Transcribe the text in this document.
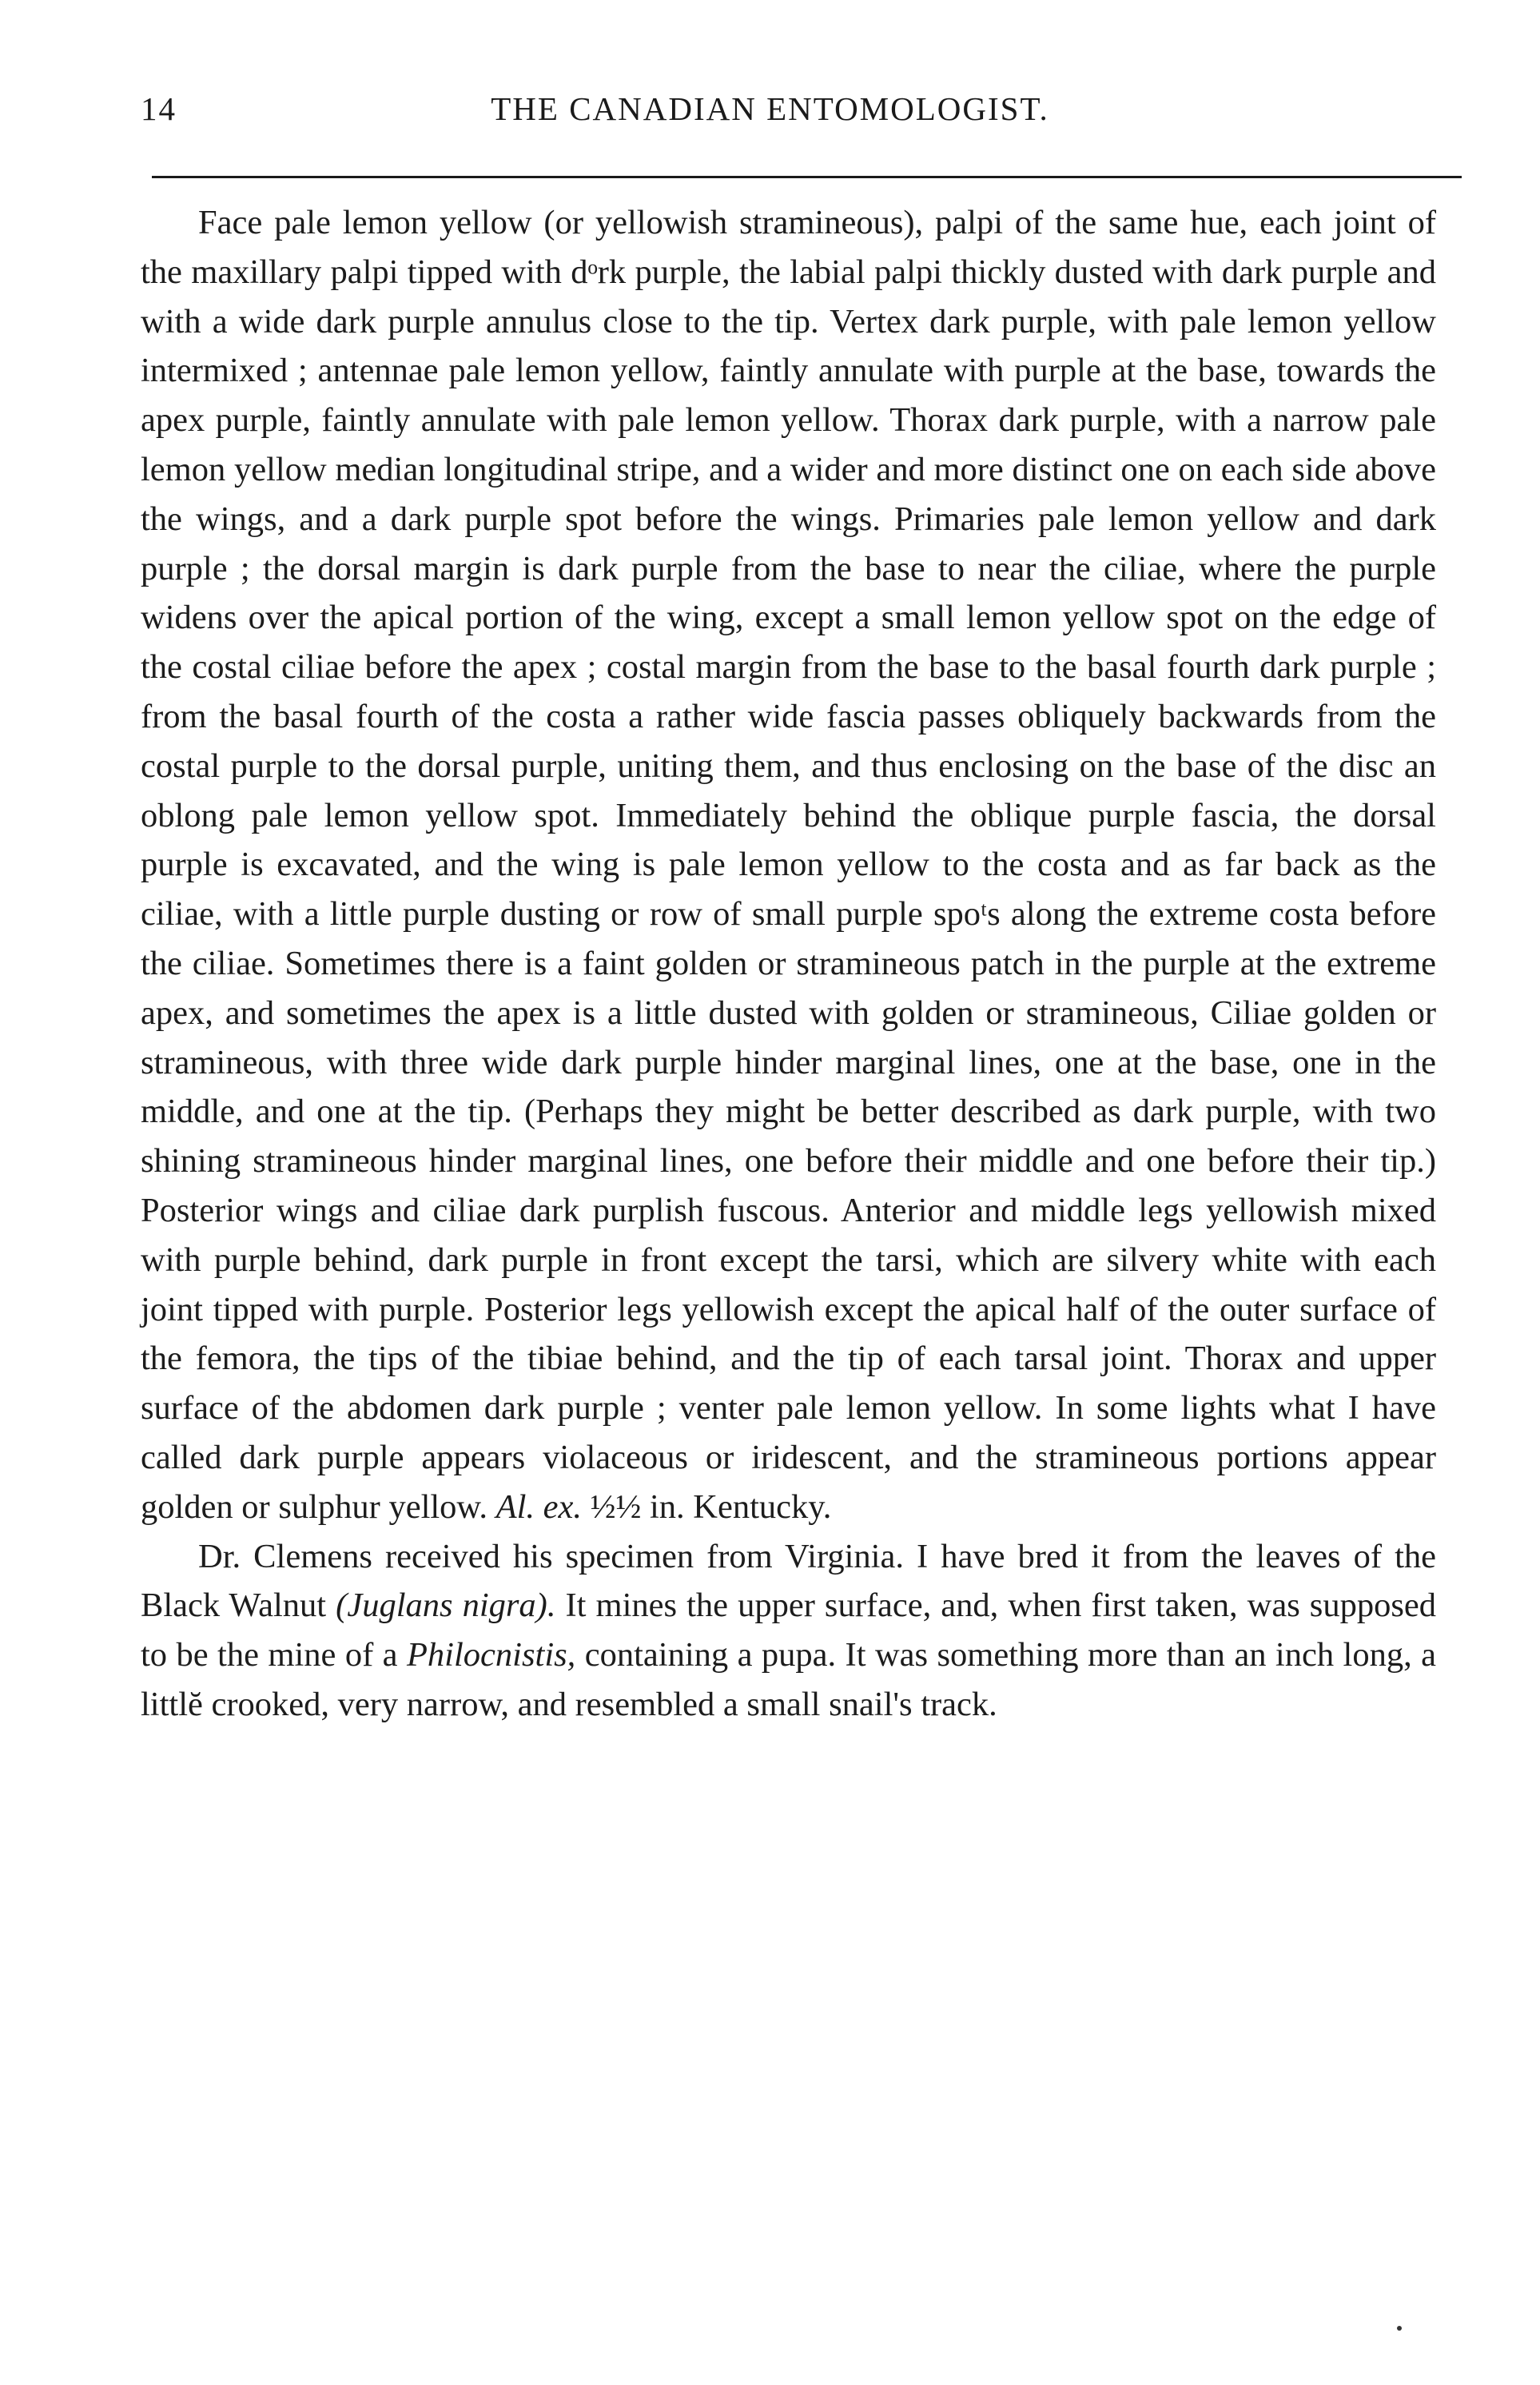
14	THE CANADIAN ENTOMOLOGIST.

Face pale lemon yellow (or yellowish stramineous), palpi of the same hue, each joint of the maxillary palpi tipped with dᵒrk purple, the labial palpi thickly dusted with dark purple and with a wide dark purple annulus close to the tip. Vertex dark purple, with pale lemon yellow intermixed ; antennae pale lemon yellow, faintly annulate with purple at the base, towards the apex purple, faintly annulate with pale lemon yellow. Thorax dark purple, with a narrow pale lemon yellow median longitudinal stripe, and a wider and more distinct one on each side above the wings, and a dark purple spot before the wings. Primaries pale lemon yellow and dark purple ; the dorsal margin is dark purple from the base to near the ciliae, where the purple widens over the apical portion of the wing, except a small lemon yellow spot on the edge of the costal ciliae before the apex ; costal margin from the base to the basal fourth dark purple ; from the basal fourth of the costa a rather wide fascia passes obliquely backwards from the costal purple to the dorsal purple, uniting them, and thus enclosing on the base of the disc an oblong pale lemon yellow spot. Immediately behind the oblique purple fascia, the dorsal purple is excavated, and the wing is pale lemon yellow to the costa and as far back as the ciliae, with a little purple dusting or row of small purple spoᵗs along the extreme costa before the ciliae. Sometimes there is a faint golden or stramineous patch in the purple at the extreme apex, and sometimes the apex is a little dusted with golden or stramineous, Ciliae golden or stramineous, with three wide dark purple hinder marginal lines, one at the base, one in the middle, and one at the tip. (Perhaps they might be better described as dark purple, with two shining stramineous hinder marginal lines, one before their middle and one before their tip.) Posterior wings and ciliae dark purplish fuscous. Anterior and middle legs yellowish mixed with purple behind, dark purple in front except the tarsi, which are silvery white with each joint tipped with purple. Posterior legs yellowish except the apical half of the outer surface of the femora, the tips of the tibiae behind, and the tip of each tarsal joint. Thorax and upper surface of the abdomen dark purple ; venter pale lemon yellow. In some lights what I have called dark purple appears violaceous or iridescent, and the stramineous portions appear golden or sulphur yellow. Al. ex. ½½ in. Kentucky.

Dr. Clemens received his specimen from Virginia. I have bred it from the leaves of the Black Walnut (Juglans nigra). It mines the upper surface, and, when first taken, was supposed to be the mine of a Philocnistis, containing a pupa. It was something more than an inch long, a littlĕ crooked, very narrow, and resembled a small snail's track.
